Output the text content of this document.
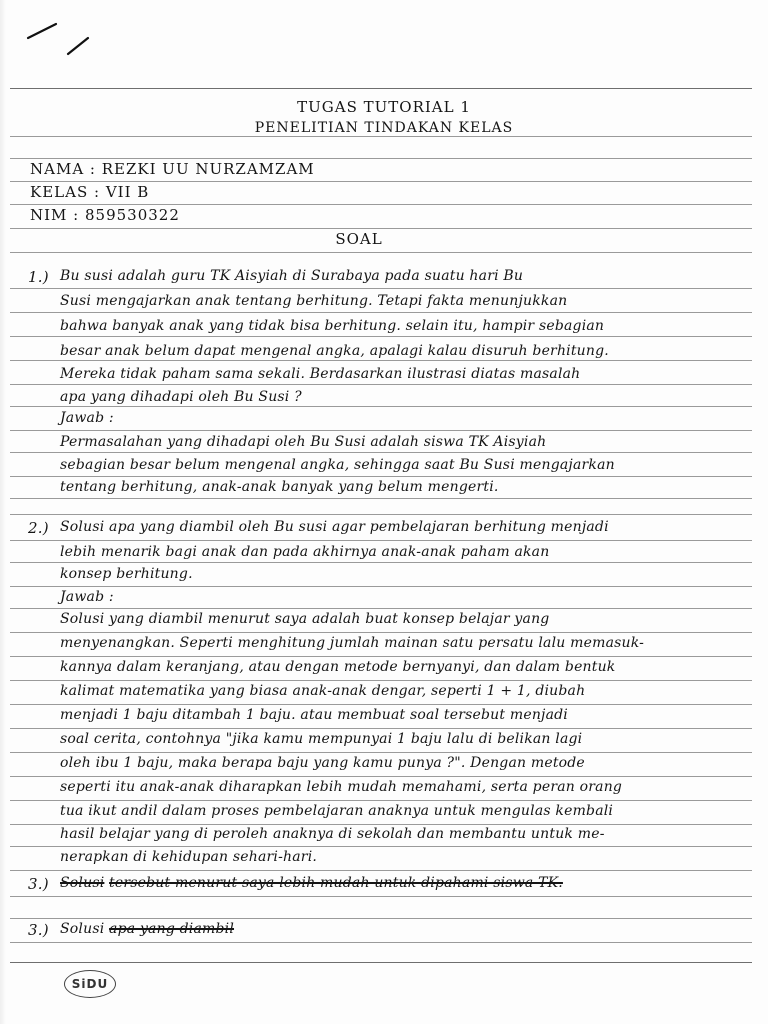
TUGAS TUTORIAL 1
PENELITIAN TINDAKAN KELAS
NAMA : REZKI UU NURZAMZAM
KELAS : VII B
NIM : 859530322
SOAL
1.) Bu susi adalah guru TK Aisyiah di Surabaya pada suatu hari Bu
Susi mengajarkan anak tentang berhitung. Tetapi fakta menunjukkan
bahwa banyak anak yang tidak bisa berhitung. selain itu, hampir sebagian
besar anak belum dapat mengenal angka, apalagi kalau disuruh berhitung.
Mereka tidak paham sama sekali. Berdasarkan ilustrasi diatas masalah
apa yang dihadapi oleh Bu Susi ?
Jawab :
Permasalahan yang dihadapi oleh Bu Susi adalah siswa TK Aisyiah
sebagian besar belum mengenal angka, sehingga saat Bu Susi mengajarkan
tentang berhitung, anak-anak banyak yang belum mengerti.
2.) Solusi apa yang diambil oleh Bu susi agar pembelajaran berhitung menjadi
lebih menarik bagi anak dan pada akhirnya anak-anak paham akan
konsep berhitung.
Jawab :
Solusi yang diambil menurut saya adalah buat konsep belajar yang
menyenangkan. Seperti menghitung jumlah mainan satu persatu lalu memasuk-
kannya dalam keranjang, atau dengan metode bernyanyi, dan dalam bentuk
kalimat matematika yang biasa anak-anak dengar, seperti 1 + 1, diubah
menjadi 1 baju ditambah 1 baju. atau membuat soal tersebut menjadi
soal cerita, contohnya "jika kamu mempunyai 1 baju lalu di belikan lagi
oleh ibu 1 baju, maka berapa baju yang kamu punya ?". Dengan metode
seperti itu anak-anak diharapkan lebih mudah memahami, serta peran orang
tua ikut andil dalam proses pembelajaran anaknya untuk mengulas kembali
hasil belajar yang di peroleh anaknya di sekolah dan membantu untuk me-
nerapkan di kehidupan sehari-hari.
3.) Solusi tersebut menurut saya lebih mudah untuk dipahami siswa TK.
3.) Solusi apa yang diambil
SiDU
